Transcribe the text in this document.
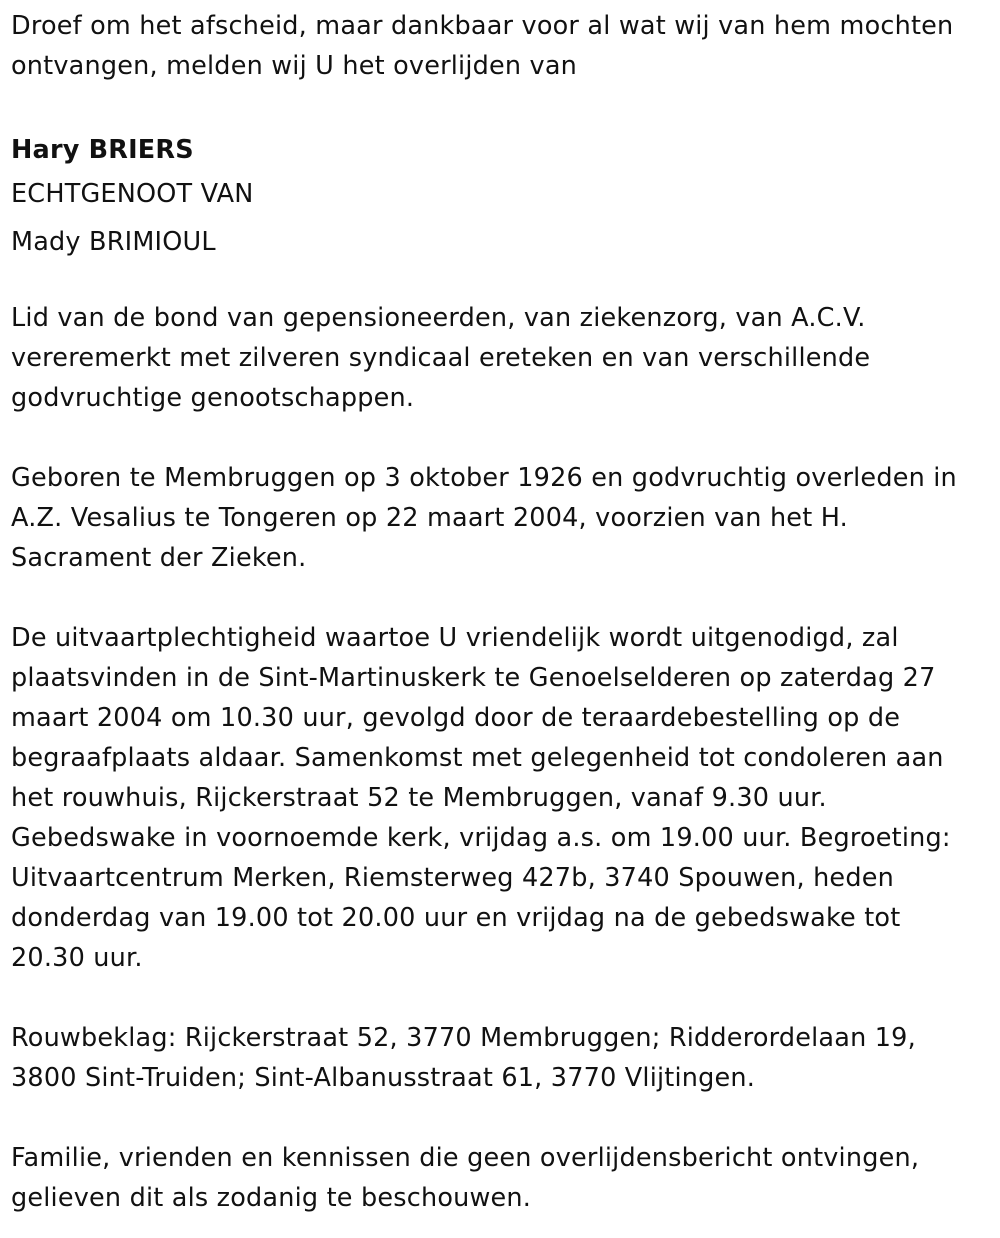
Droef om het afscheid, maar dankbaar voor al wat wij van hem mochten
ontvangen, melden wij U het overlijden van

Hary BRIERS

ECHTGENOOT VAN

Mady BRIMIOUL

Lid van de bond van gepensioneerden, van ziekenzorg, van A.C.V.
vereremerkt met zilveren syndicaal ereteken en van verschillende
godvruchtige genootschappen.

Geboren te Membruggen op 3 oktober 1926 en godvruchtig overleden in
A.Z. Vesalius te Tongeren op 22 maart 2004, voorzien van het H.
Sacrament der Zieken.

De uitvaartplechtigheid waartoe U vriendelijk wordt uitgenodigd, zal
plaatsvinden in de Sint-Martinuskerk te Genoelselderen op zaterdag 27
maart 2004 om 10.30 uur, gevolgd door de teraardebestelling op de
begraafplaats aldaar. Samenkomst met gelegenheid tot condoleren aan
het rouwhuis, Rijckerstraat 52 te Membruggen, vanaf 9.30 uur.
Gebedswake in voornoemde kerk, vrijdag a.s. om 19.00 uur. Begroeting:
Uitvaartcentrum Merken, Riemsterweg 427b, 3740 Spouwen, heden
donderdag van 19.00 tot 20.00 uur en vrijdag na de gebedswake tot
20.30 uur.

Rouwbeklag: Rijckerstraat 52, 3770 Membruggen; Ridderordelaan 19,
3800 Sint-Truiden; Sint-Albanusstraat 61, 3770 Vlijtingen.

Familie, vrienden en kennissen die geen overlijdensbericht ontvingen,
gelieven dit als zodanig te beschouwen.
